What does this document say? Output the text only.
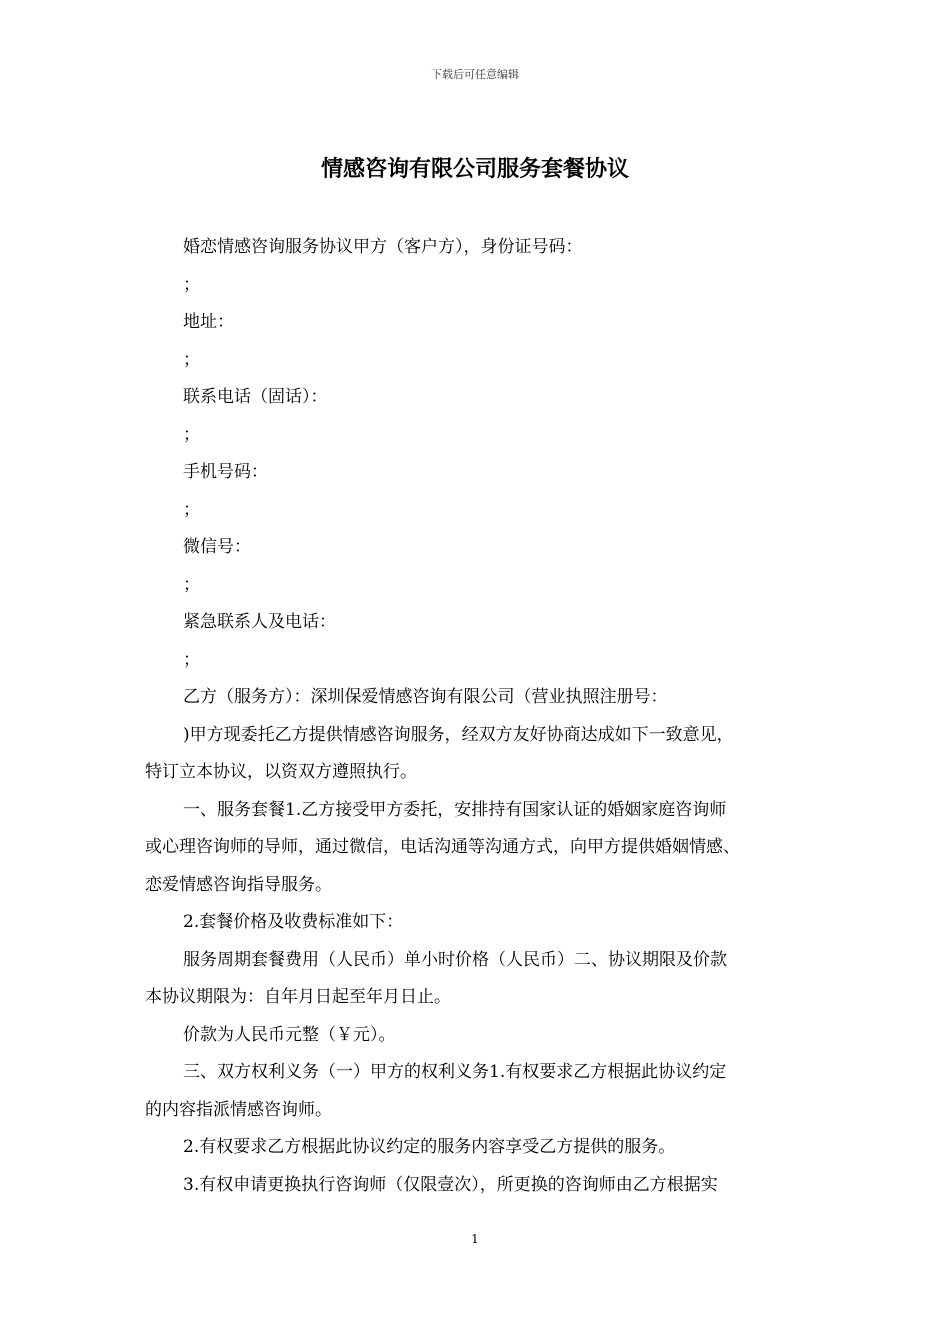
下载后可任意编辑
情感咨询有限公司服务套餐协议
婚恋情感咨询服务协议甲方（客户方），身份证号码：
；
地址：
；
联系电话（固话）：
；
手机号码：
；
微信号：
；
紧急联系人及电话：
；
乙方（服务方）：深圳保爱情感咨询有限公司（营业执照注册号：
)甲方现委托乙方提供情感咨询服务，经双方友好协商达成如下一致意见，
特订立本协议，以资双方遵照执行。
一、服务套餐1.乙方接受甲方委托，安排持有国家认证的婚姻家庭咨询师
或心理咨询师的导师，通过微信，电话沟通等沟通方式，向甲方提供婚姻情感、
恋爱情感咨询指导服务。
2.套餐价格及收费标准如下：
服务周期套餐费用（人民币）单小时价格（人民币）二、协议期限及价款
本协议期限为：自年月日起至年月日止。
价款为人民币元整（￥元）。
三、双方权利义务（一）甲方的权利义务1.有权要求乙方根据此协议约定
的内容指派情感咨询师。
2.有权要求乙方根据此协议约定的服务内容享受乙方提供的服务。
3.有权申请更换执行咨询师（仅限壹次），所更换的咨询师由乙方根据实
1
